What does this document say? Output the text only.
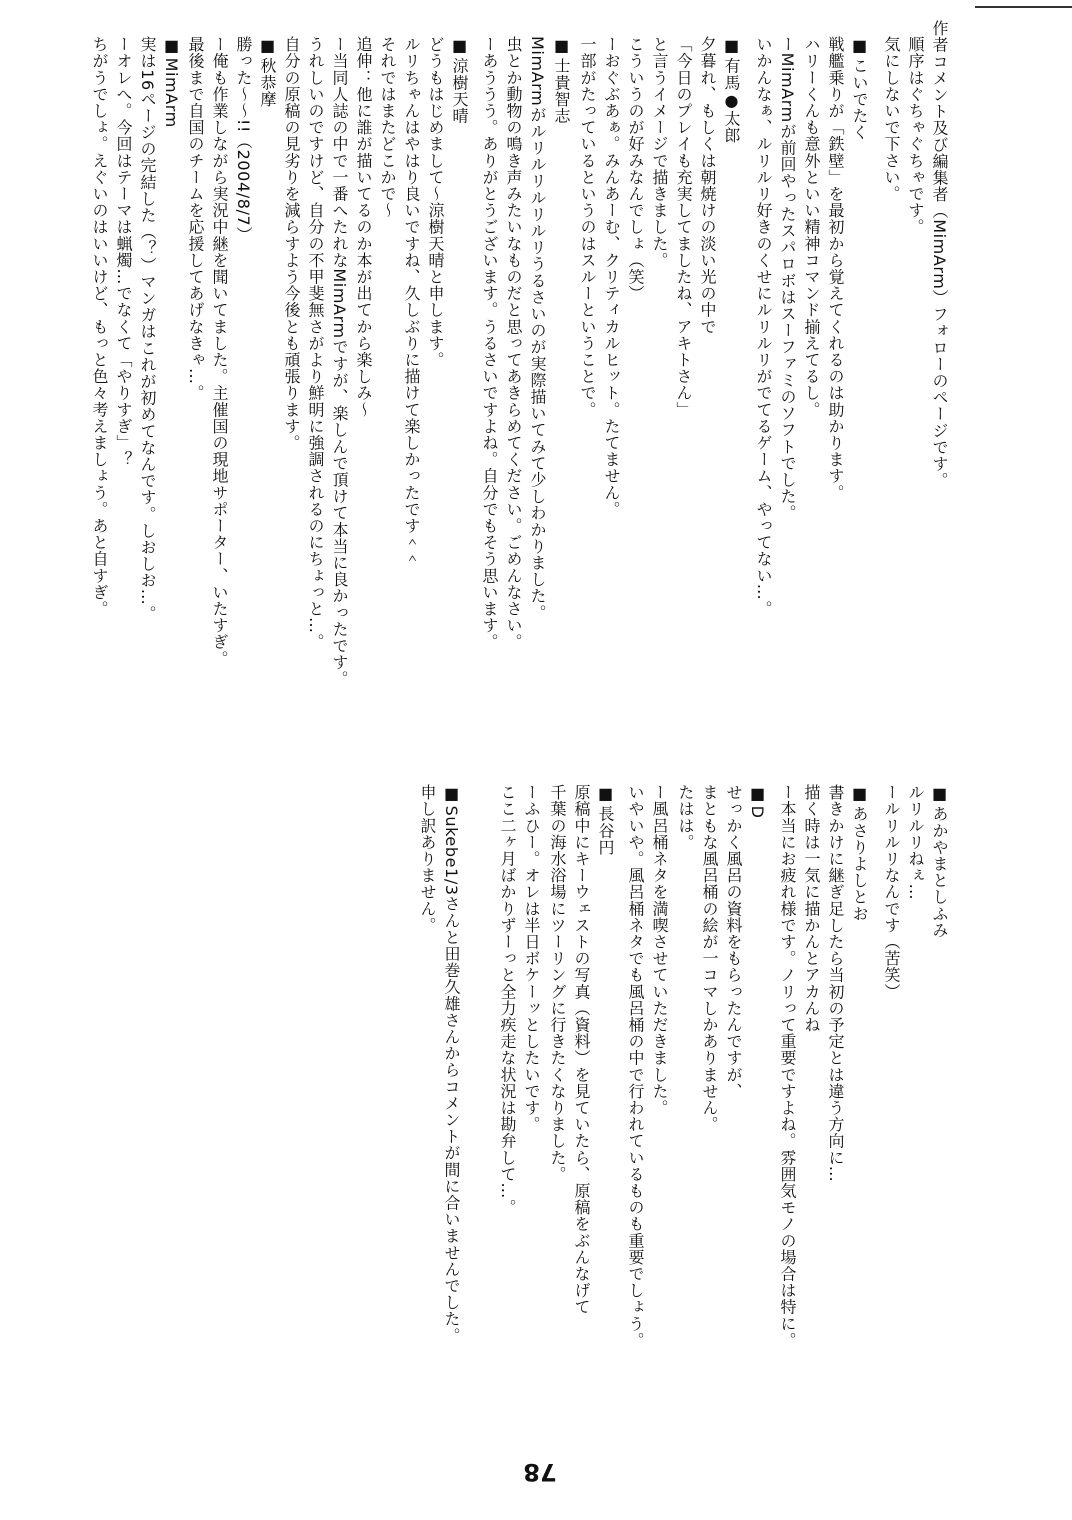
作者コメント及び編集者（MimArm）フォローのページです。

順序はぐちゃぐちゃです。

気にしないで下さい。

■ こいでたく

戦艦乗りが「鉄壁」を最初から覚えてくれるのは助かります。

ハリーくんも意外といい精神コマンド揃えてるし。

ーMimArmが前回やったスパロボはスーファミのソフトでした。

いかんなぁ、ルリルリ好きのくせにルリルリがでてるゲーム、やってない…。

■ 有馬●太郎

夕暮れ、もしくは朝焼けの淡い光の中で

「今日のプレイも充実してましたね、アキトさん」

と言うイメージで描きました。

こういうのが好みなんでしょ（笑）

ーおぐぶあぁ。みんあーむ、クリティカルヒット。たてません。

一部がたっているというのはスルーということで。

■ 士貴智志

MimArmがルリルリルリルリうるさいのが実際描いてみて少しわかりました。

虫とか動物の鳴き声みたいなものだと思ってあきらめてください。ごめんなさい。

ーあううう。ありがとうございます。うるさいですよね。自分でもそう思います。

■ 涼樹天晴

どうもはじめまして〜涼樹天晴と申します。

ルリちゃんはやはり良いですね、久しぶりに描けて楽しかったです＾＾

それではまたどこかで〜

追伸：他に誰が描いてるのか本が出てから楽しみ〜

ー当同人誌の中で一番へたれなMimArmですが、楽しんで頂けて本当に良かったです。

うれしいのですけど、自分の不甲斐無さがより鮮明に強調されるのにちょっと…。

自分の原稿の見劣りを減らすよう今後とも頑張ります。

■ 秋恭摩

勝った〜〜!!（2004/8/7）

ー俺も作業しながら実況中継を聞いてました。主催国の現地サポーター、いたすぎ。

最後まで自国のチームを応援してあげなきゃ…。

■ MimArm

実は16ページの完結した（？）マンガはこれが初めてなんです。しおしお…。

ーオレへ。今回はテーマは蝋燭…でなくて「やりすぎ」？

ちがうでしょ。えぐいのはいいけど、もっと色々考えましょう。あと自すぎ。

■ あかやまとしふみ

ルリルリねぇ…

ールリルリなんです（苦笑）

■ あさりよしとお

書きかけに継ぎ足したら当初の予定とは違う方向に…

描く時は一気に描かんとアカんね

ー本当にお疲れ様です。ノリって重要ですよね。雰囲気モノの場合は特に。

■ D

せっかく風呂の資料をもらったんですが、

まともな風呂桶の絵が一コマしかありません。

たはは。

ー風呂桶ネタを満喫させていただきました。

いやいや。風呂桶ネタでも風呂桶の中で行われているものも重要でしょう。

■ 長谷円

原稿中にキーウェストの写真（資料）を見ていたら、原稿をぶんなげて

千葉の海水浴場にツーリングに行きたくなりました。

ーふひー。オレは半日ボケーッとしたいです。

ここ二ヶ月ばかりずーっと全力疾走な状況は勘弁して…。

■ Sukebe1/3さんと田巻久雄さんからコメントが間に合いませんでした。

申し訳ありません。

78
